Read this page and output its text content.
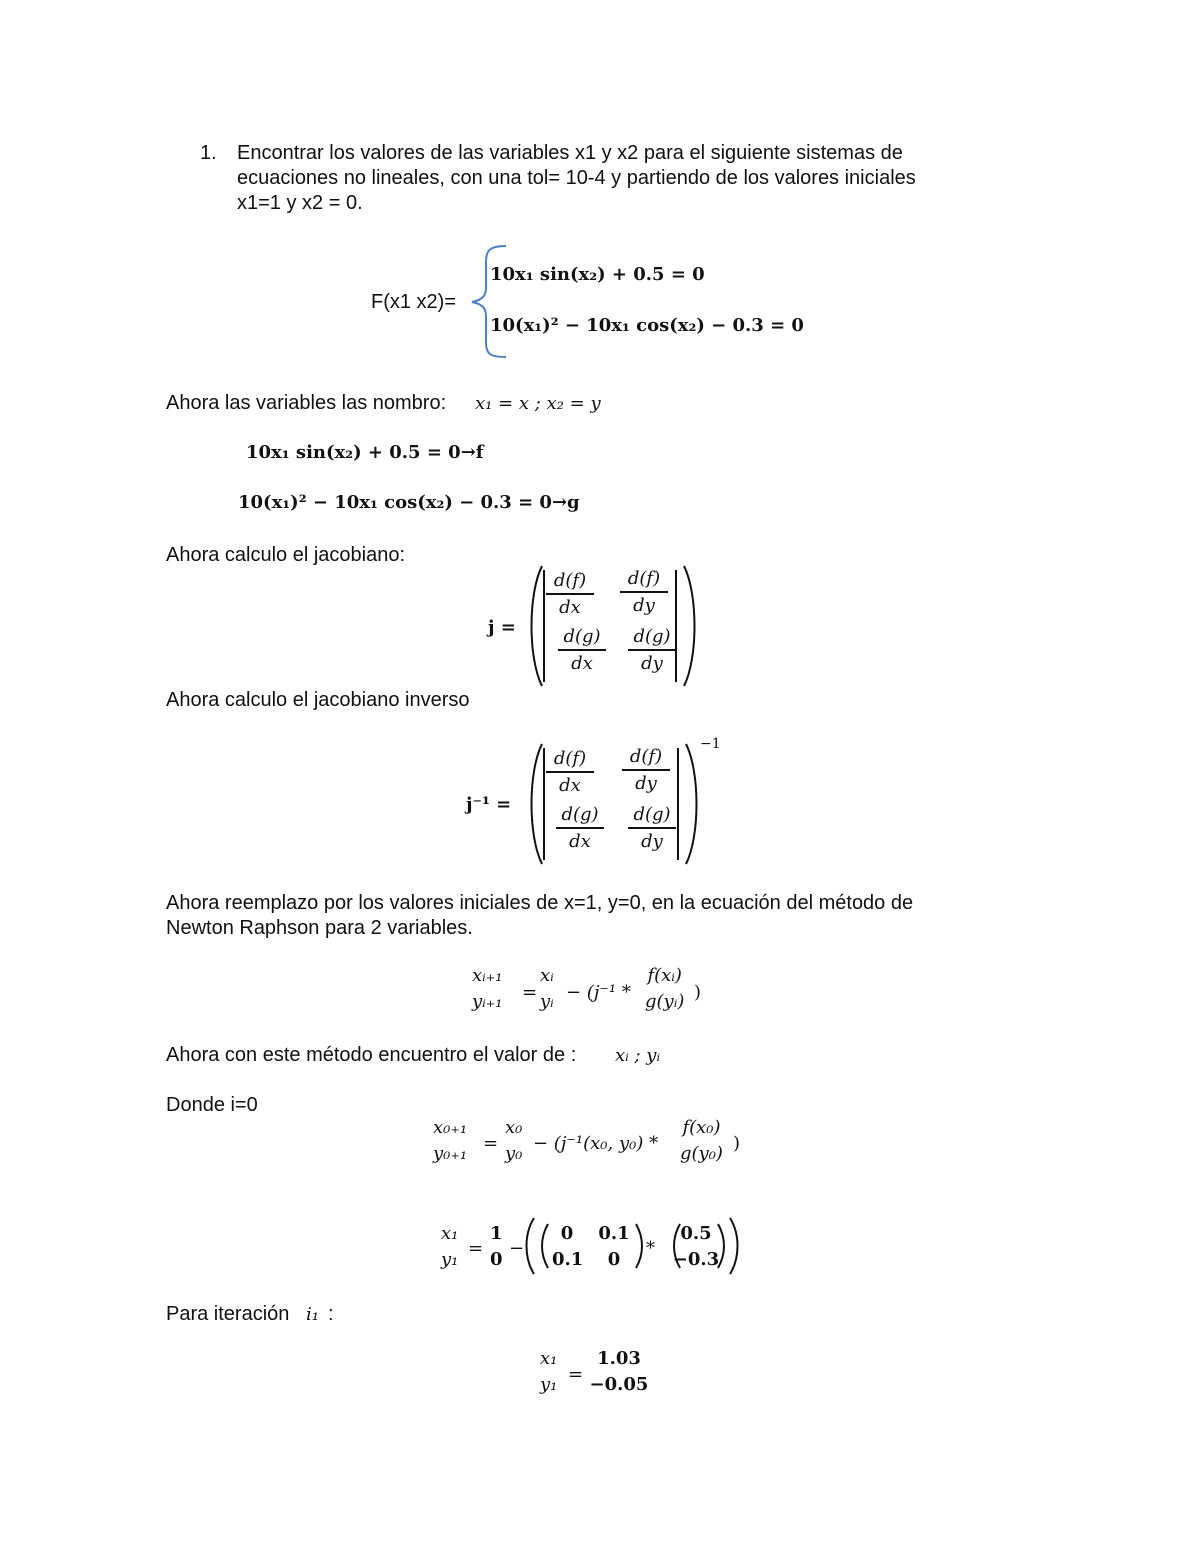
1. Encontrar los valores de las variables x1 y x2 para el siguiente sistemas de
ecuaciones no lineales, con una tol= 10-4 y partiendo de los valores iniciales
x1=1 y x2 = 0.
F(x1 x2)=
10x₁ sin(x₂) + 0.5 = 0
10(x₁)² − 10x₁ cos(x₂) − 0.3 = 0
Ahora las variables las nombro: x₁ = x ; x₂ = y
10x₁ sin(x₂) + 0.5 = 0→f
10(x₁)² − 10x₁ cos(x₂) − 0.3 = 0→g
Ahora calculo el jacobiano:
j =
d(f)
dx
d(f)
dy
d(g)
dx
d(g)
dy
Ahora calculo el jacobiano inverso
j⁻¹ =
−1
d(f)
dx
d(f)
dy
d(g)
dx
d(g)
dy
Ahora reemplazo por los valores iniciales de x=1, y=0, en la ecuación del método de
Newton Raphson para 2 variables.
xᵢ₊₁
yᵢ₊₁ =
xᵢ
yᵢ − (j⁻¹ *
f(xᵢ)
g(yᵢ) )
Ahora con este método encuentro el valor de : xᵢ ; yᵢ
Donde i=0
x₀₊₁
y₀₊₁ =
x₀
y₀ − (j⁻¹(x₀, y₀) *
f(x₀)
g(y₀) )
x₁
y₁
=
1
0
−
0
0.1
0.1
0
*
0.5
−0.3
Para iteración i₁ :
x₁
y₁ =
1.03
−0.05
